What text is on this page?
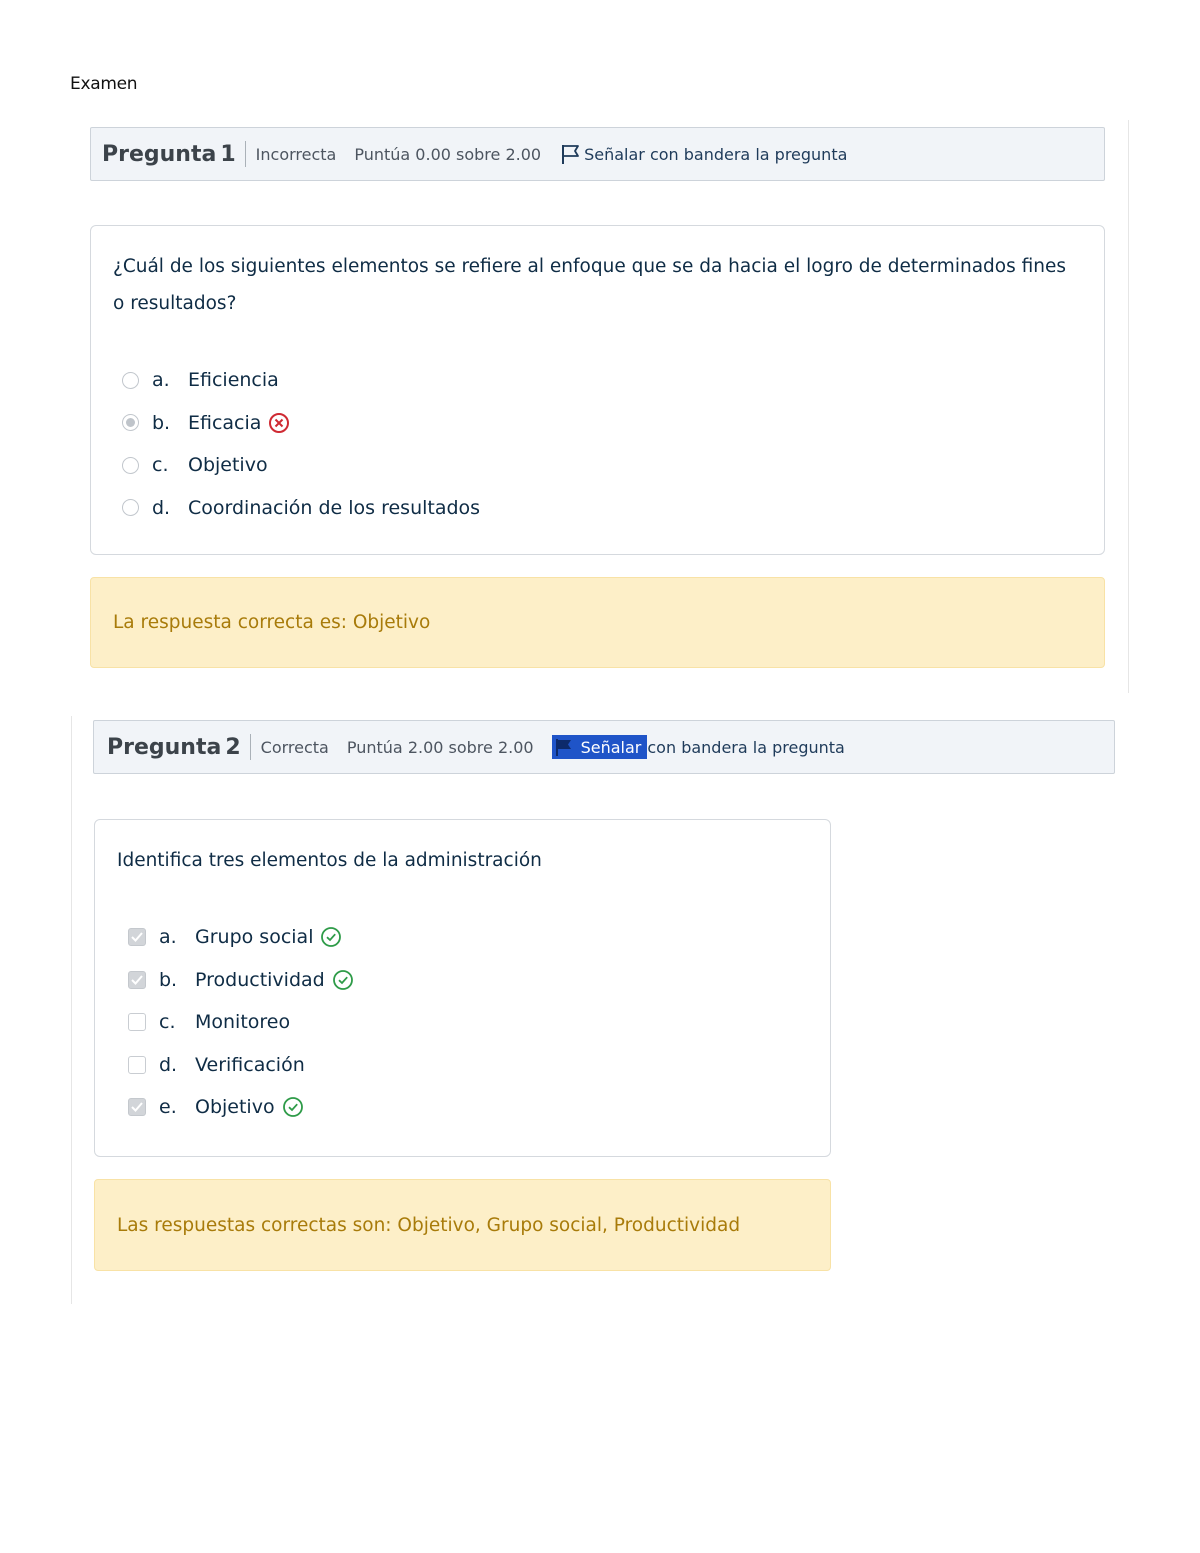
Examen
Pregunta 1 Incorrecta Puntúa 0.00 sobre 2.00	Señalar con bandera la pregunta
¿Cuál de los siguientes elementos se refiere al enfoque que se da hacia el logro de determinados fines o resultados?
a. Eficiencia
b. Eficacia
c.	Objetivo
d. Coordinación de los resultados
La respuesta correcta es: Objetivo
Pregunta 2 Correcta Puntúa 2.00 sobre 2.00	Señalar con bandera la pregunta
Identifica tres elementos de la administración
a. Grupo social
b. Productividad
c.	Monitoreo
d. Verificación
e. Objetivo
Las respuestas correctas son: Objetivo, Grupo social, Productividad
